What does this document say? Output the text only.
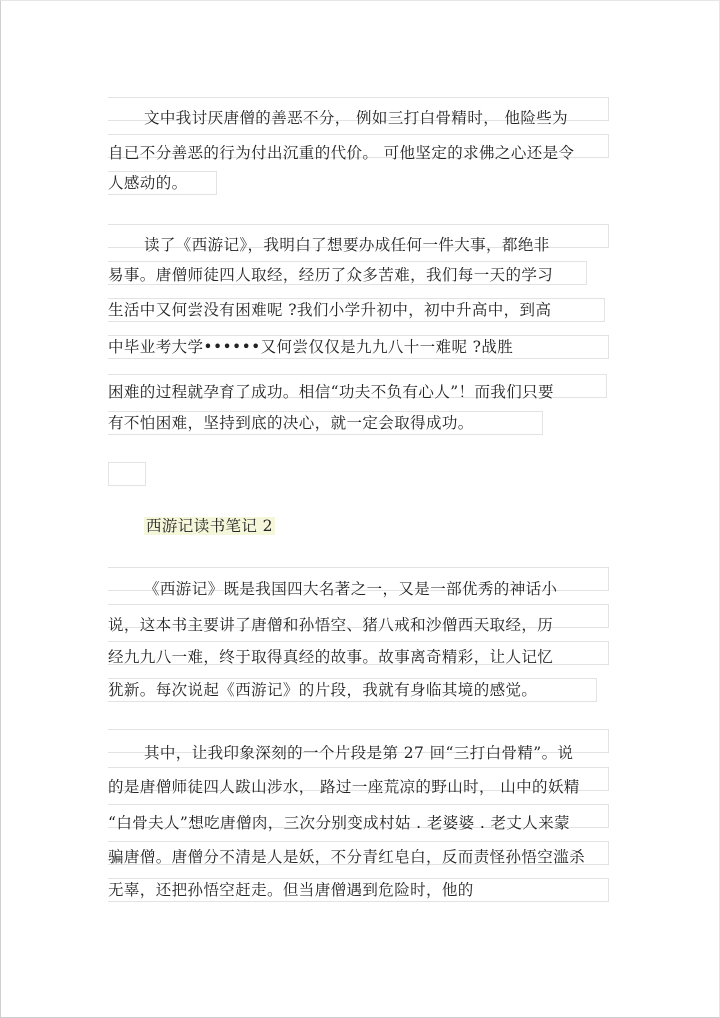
文中我讨厌唐僧的善恶不分， 例如三打白骨精时， 他险些为
自已不分善恶的行为付出沉重的代价。 可他坚定的求佛之心还是令
人感动的。
读了《西游记》，我明白了想要办成任何一件大事，都绝非
易事。唐僧师徒四人取经，经历了众多苦难，我们每一天的学习
生活中又何尝没有困难呢 ?我们小学升初中，初中升高中，到高
中毕业考大学••••••又何尝仅仅是九九八十一难呢 ?战胜
困难的过程就孕育了成功。相信“功夫不负有心人”！而我们只要
有不怕困难，坚持到底的决心，就一定会取得成功。
西游记读书笔记 2
《西游记》既是我国四大名著之一，又是一部优秀的神话小
说，这本书主要讲了唐僧和孙悟空、猪八戒和沙僧西天取经，历
经九九八一难，终于取得真经的故事。故事离奇精彩，让人记忆
犹新。每次说起《西游记》的片段，我就有身临其境的感觉。
其中，让我印象深刻的一个片段是第 27 回“三打白骨精”。说
的是唐僧师徒四人跋山涉水， 路过一座荒凉的野山时， 山中的妖精
“白骨夫人”想吃唐僧肉，三次分别变成村姑 . 老婆婆 . 老丈人来蒙
骗唐僧。唐僧分不清是人是妖，不分青红皂白，反而责怪孙悟空滥杀
无辜，还把孙悟空赶走。但当唐僧遇到危险时，他的
